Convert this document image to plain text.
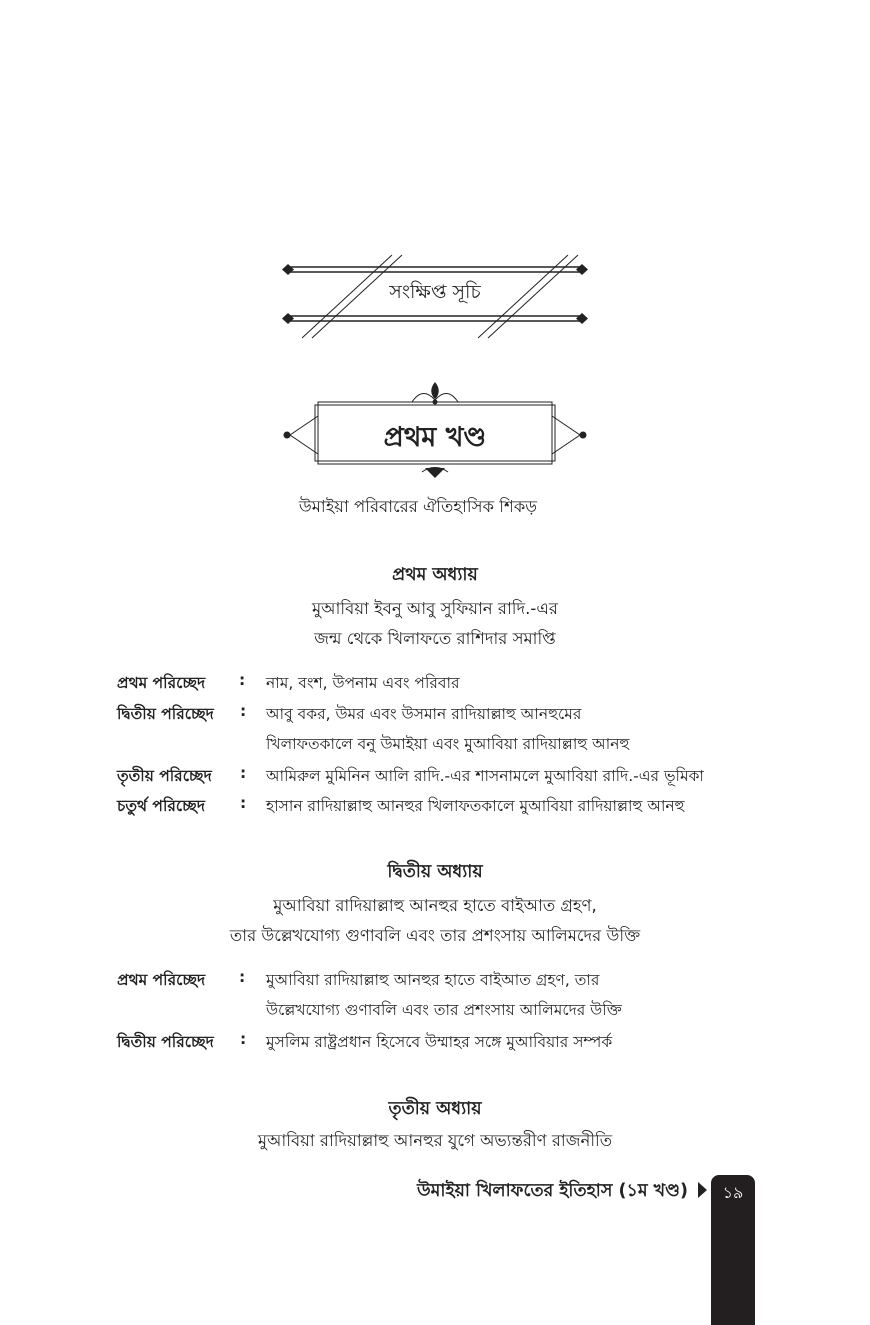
সংক্ষিপ্ত সূচি
প্রথম খণ্ড
উমাইয়া পরিবারের ঐতিহাসিক শিকড়
প্রথম অধ্যায়
মুআবিয়া ইবনু আবু সুফিয়ান রাদি.-এর
জন্ম থেকে খিলাফতে রাশিদার সমাপ্তি
প্রথম পরিচ্ছেদ : নাম, বংশ, উপনাম এবং পরিবার
দ্বিতীয় পরিচ্ছেদ : আবু বকর, উমর এবং উসমান রাদিয়াল্লাহু আনহুমের
খিলাফতকালে বনু উমাইয়া এবং মুআবিয়া রাদিয়াল্লাহু আনহু
তৃতীয় পরিচ্ছেদ : আমিরুল মুমিনিন আলি রাদি.-এর শাসনামলে মুআবিয়া রাদি.-এর ভূমিকা
চতুর্থ পরিচ্ছেদ : হাসান রাদিয়াল্লাহু আনহুর খিলাফতকালে মুআবিয়া রাদিয়াল্লাহু আনহু
দ্বিতীয় অধ্যায়
মুআবিয়া রাদিয়াল্লাহু আনহুর হাতে বাইআত গ্রহণ,
তার উল্লেখযোগ্য গুণাবলি এবং তার প্রশংসায় আলিমদের উক্তি
প্রথম পরিচ্ছেদ : মুআবিয়া রাদিয়াল্লাহু আনহুর হাতে বাইআত গ্রহণ, তার
উল্লেখযোগ্য গুণাবলি এবং তার প্রশংসায় আলিমদের উক্তি
দ্বিতীয় পরিচ্ছেদ : মুসলিম রাষ্ট্রপ্রধান হিসেবে উম্মাহর সঙ্গে মুআবিয়ার সম্পর্ক
তৃতীয় অধ্যায়
মুআবিয়া রাদিয়াল্লাহু আনহুর যুগে অভ্যন্তরীণ রাজনীতি
উমাইয়া খিলাফতের ইতিহাস (১ম খণ্ড)	১৯
